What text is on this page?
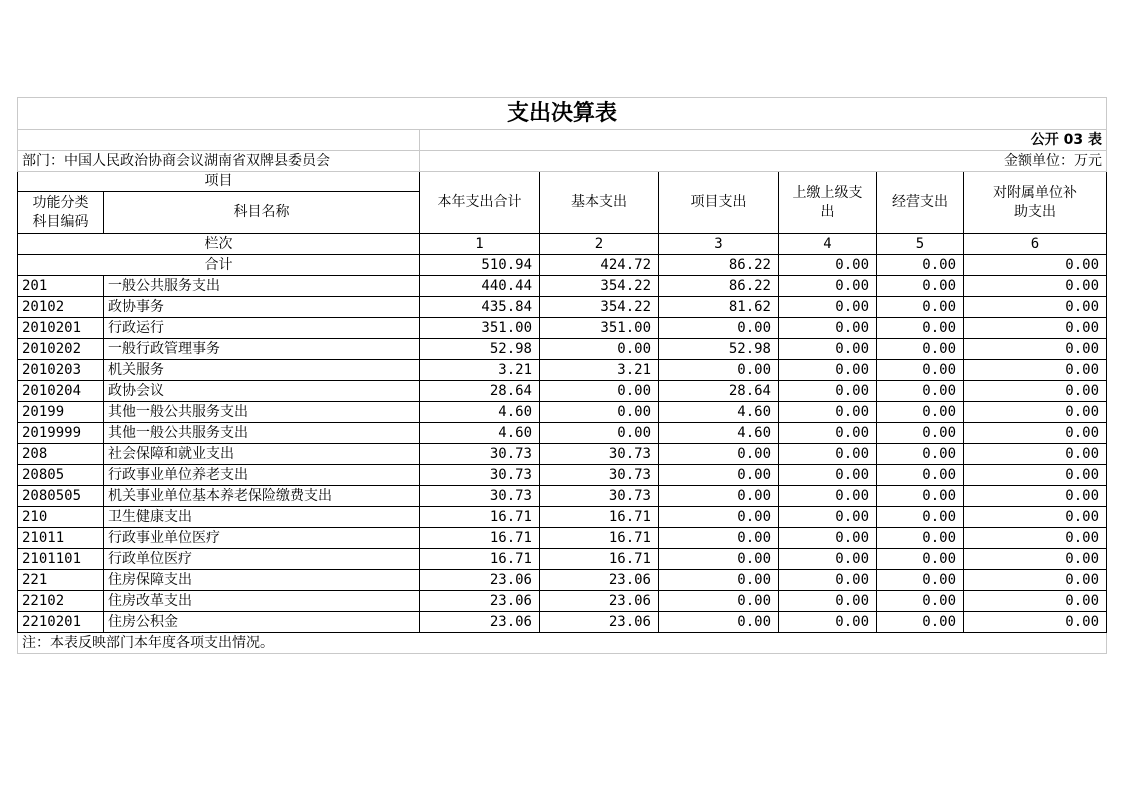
支出决算表							
		公开 03 表					
部门：中国人民政治协商会议湖南省双牌县委员会		金额单位：万元					
项目		本年支出合计	基本支出	项目支出	上缴上级支出	经营支出	对附属单位补助支出
功能分类科目编码	科目名称						
栏次		1	2	3	4	5	6
合计		510.94	424.72	86.22	0.00	0.00	0.00
201	一般公共服务支出	440.44	354.22	86.22	0.00	0.00	0.00
20102	政协事务	435.84	354.22	81.62	0.00	0.00	0.00
2010201	行政运行	351.00	351.00	0.00	0.00	0.00	0.00
2010202	一般行政管理事务	52.98	0.00	52.98	0.00	0.00	0.00
2010203	机关服务	3.21	3.21	0.00	0.00	0.00	0.00
2010204	政协会议	28.64	0.00	28.64	0.00	0.00	0.00
20199	其他一般公共服务支出	4.60	0.00	4.60	0.00	0.00	0.00
2019999	其他一般公共服务支出	4.60	0.00	4.60	0.00	0.00	0.00
208	社会保障和就业支出	30.73	30.73	0.00	0.00	0.00	0.00
20805	行政事业单位养老支出	30.73	30.73	0.00	0.00	0.00	0.00
2080505	机关事业单位基本养老保险缴费支出	30.73	30.73	0.00	0.00	0.00	0.00
210	卫生健康支出	16.71	16.71	0.00	0.00	0.00	0.00
21011	行政事业单位医疗	16.71	16.71	0.00	0.00	0.00	0.00
2101101	行政单位医疗	16.71	16.71	0.00	0.00	0.00	0.00
221	住房保障支出	23.06	23.06	0.00	0.00	0.00	0.00
22102	住房改革支出	23.06	23.06	0.00	0.00	0.00	0.00
2210201	住房公积金	23.06	23.06	0.00	0.00	0.00	0.00
注：本表反映部门本年度各项支出情况。							
